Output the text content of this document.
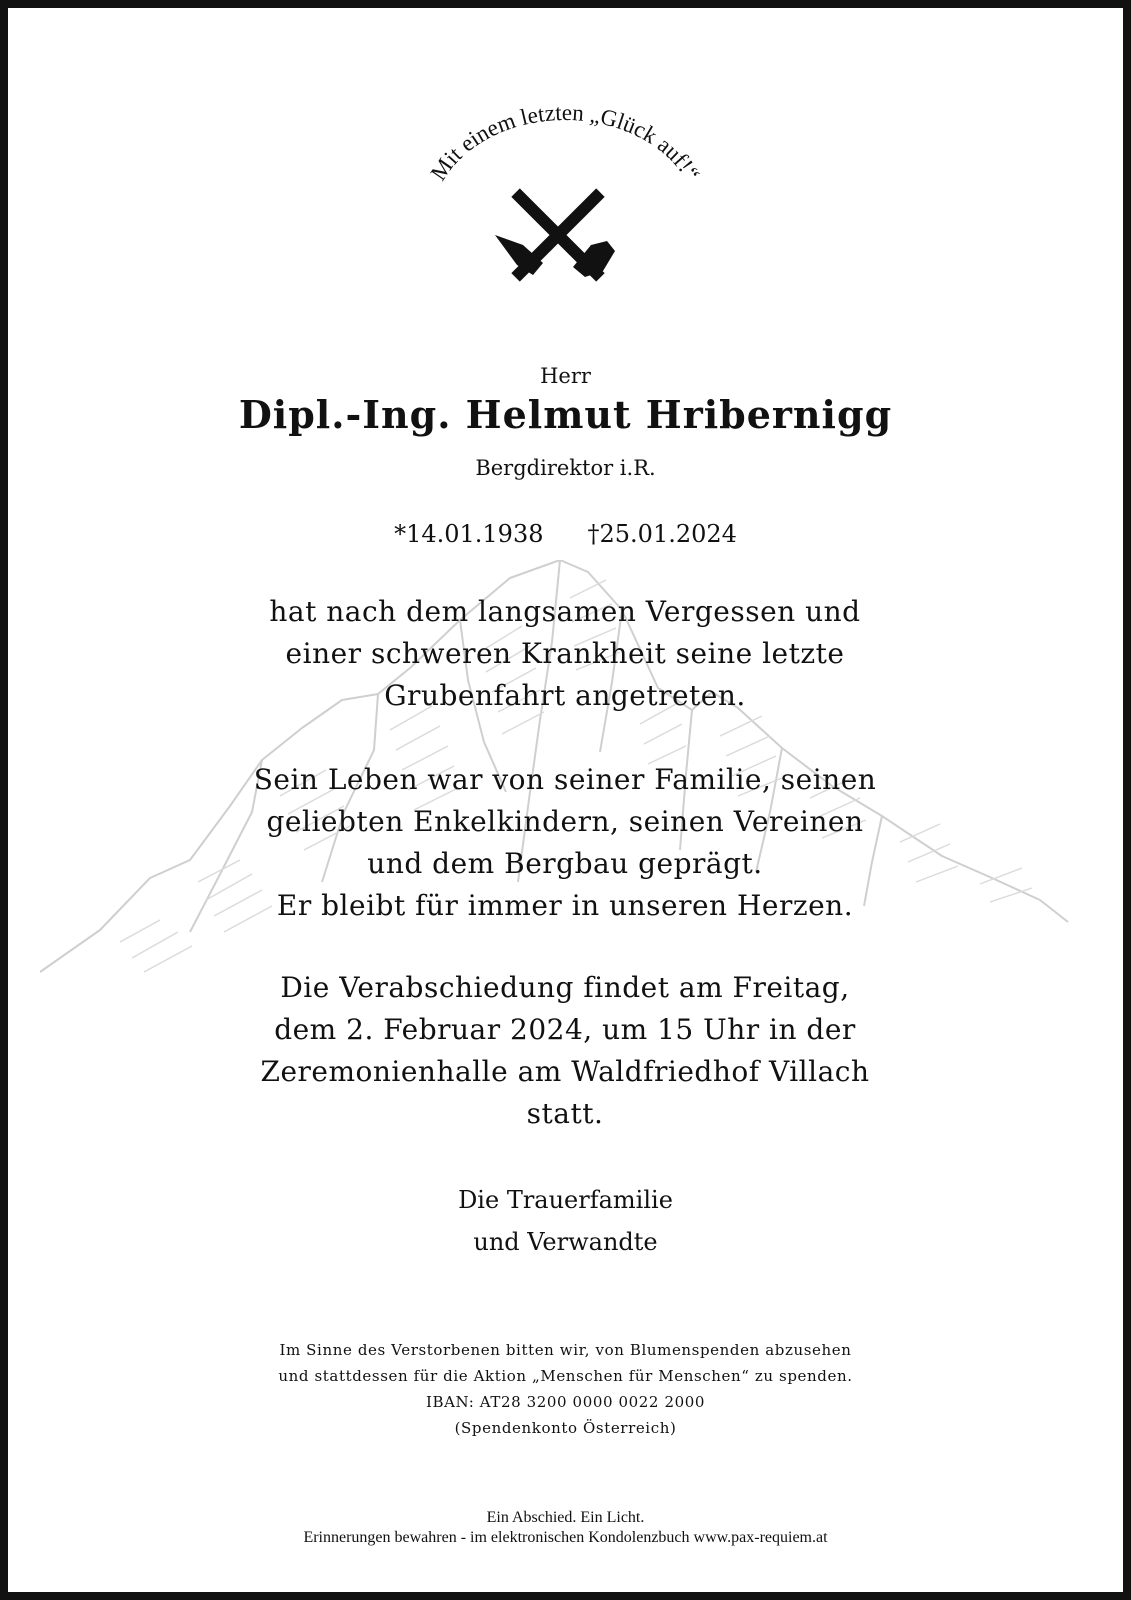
Mit einem letzten „Glück auf!“

Herr

Dipl.-Ing. Helmut Hribernigg

Bergdirektor i.R.

*14.01.1938 †25.01.2024

hat nach dem langsamen Vergessen und
einer schweren Krankheit seine letzte
Grubenfahrt angetreten.
Sein Leben war von seiner Familie, seinen
geliebten Enkelkindern, seinen Vereinen
und dem Bergbau geprägt.
Er bleibt für immer in unseren Herzen.
Die Verabschiedung findet am Freitag,
dem 2. Februar 2024, um 15 Uhr in der
Zeremonienhalle am Waldfriedhof Villach
statt.
Die Trauerfamilie
und Verwandte
Im Sinne des Verstorbenen bitten wir, von Blumenspenden abzusehen
und stattdessen für die Aktion „Menschen für Menschen“ zu spenden.
IBAN: AT28 3200 0000 0022 2000
(Spendenkonto Österreich)
Ein Abschied. Ein Licht.
Erinnerungen bewahren - im elektronischen Kondolenzbuch www.pax-requiem.at
